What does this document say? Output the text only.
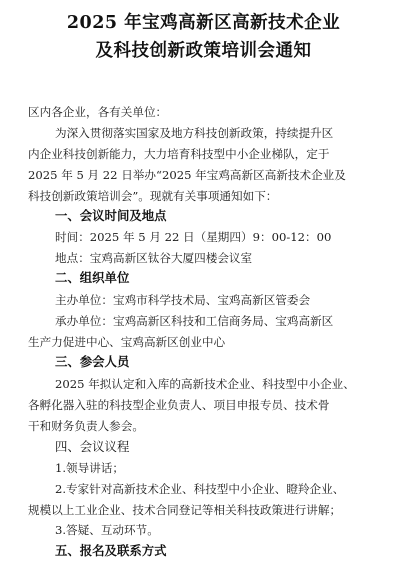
2025 年宝鸡高新区高新技术企业
及科技创新政策培训会通知
区内各企业，各有关单位：
为深入贯彻落实国家及地方科技创新政策，持续提升区
内企业科技创新能力，大力培育科技型中小企业梯队，定于
2025 年 5 月 22 日举办“2025 年宝鸡高新区高新技术企业及
科技创新政策培训会”。现就有关事项通知如下：
一、会议时间及地点
时间：2025 年 5 月 22 日（星期四）9：00-12：00
地点：宝鸡高新区钛谷大厦四楼会议室
二、组织单位
主办单位：宝鸡市科学技术局、宝鸡高新区管委会
承办单位：宝鸡高新区科技和工信商务局、宝鸡高新区
生产力促进中心、宝鸡高新区创业中心
三、参会人员
2025 年拟认定和入库的高新技术企业、科技型中小企业、
各孵化器入驻的科技型企业负责人、项目申报专员、技术骨
干和财务负责人参会。
四、会议议程
1.领导讲话；
2.专家针对高新技术企业、科技型中小企业、瞪羚企业、
规模以上工业企业、技术合同登记等相关科技政策进行讲解；
3.答疑、互动环节。
五、报名及联系方式
